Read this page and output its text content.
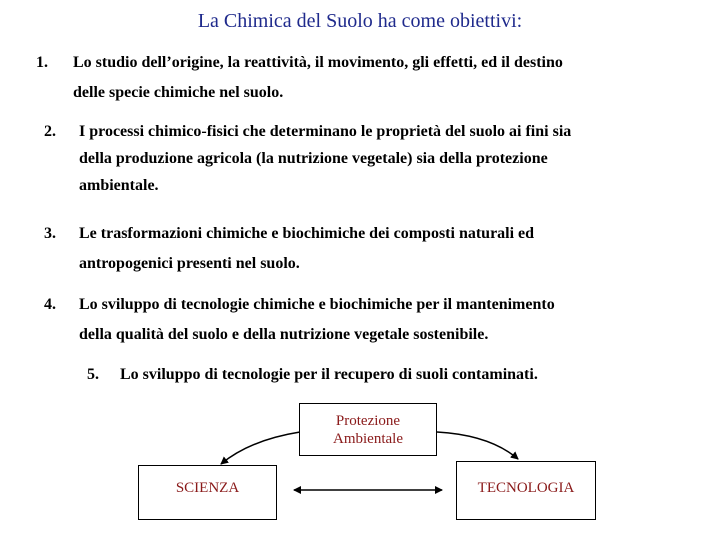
La Chimica del Suolo ha come obiettivi:
1. Lo studio dell’origine, la reattività, il movimento, gli effetti, ed il destino
delle specie chimiche nel suolo.
2. I processi chimico-fisici che determinano le proprietà del suolo ai fini sia
della produzione agricola (la nutrizione vegetale) sia della protezione
ambientale.
3. Le trasformazioni chimiche e biochimiche dei composti naturali ed
antropogenici presenti nel suolo.
4. Lo sviluppo di tecnologie chimiche e biochimiche per il mantenimento
della qualità del suolo e della nutrizione vegetale sostenibile.
5. Lo sviluppo di tecnologie per il recupero di suoli contaminati.
Protezione
Ambientale
SCIENZA	TECNOLOGIA
